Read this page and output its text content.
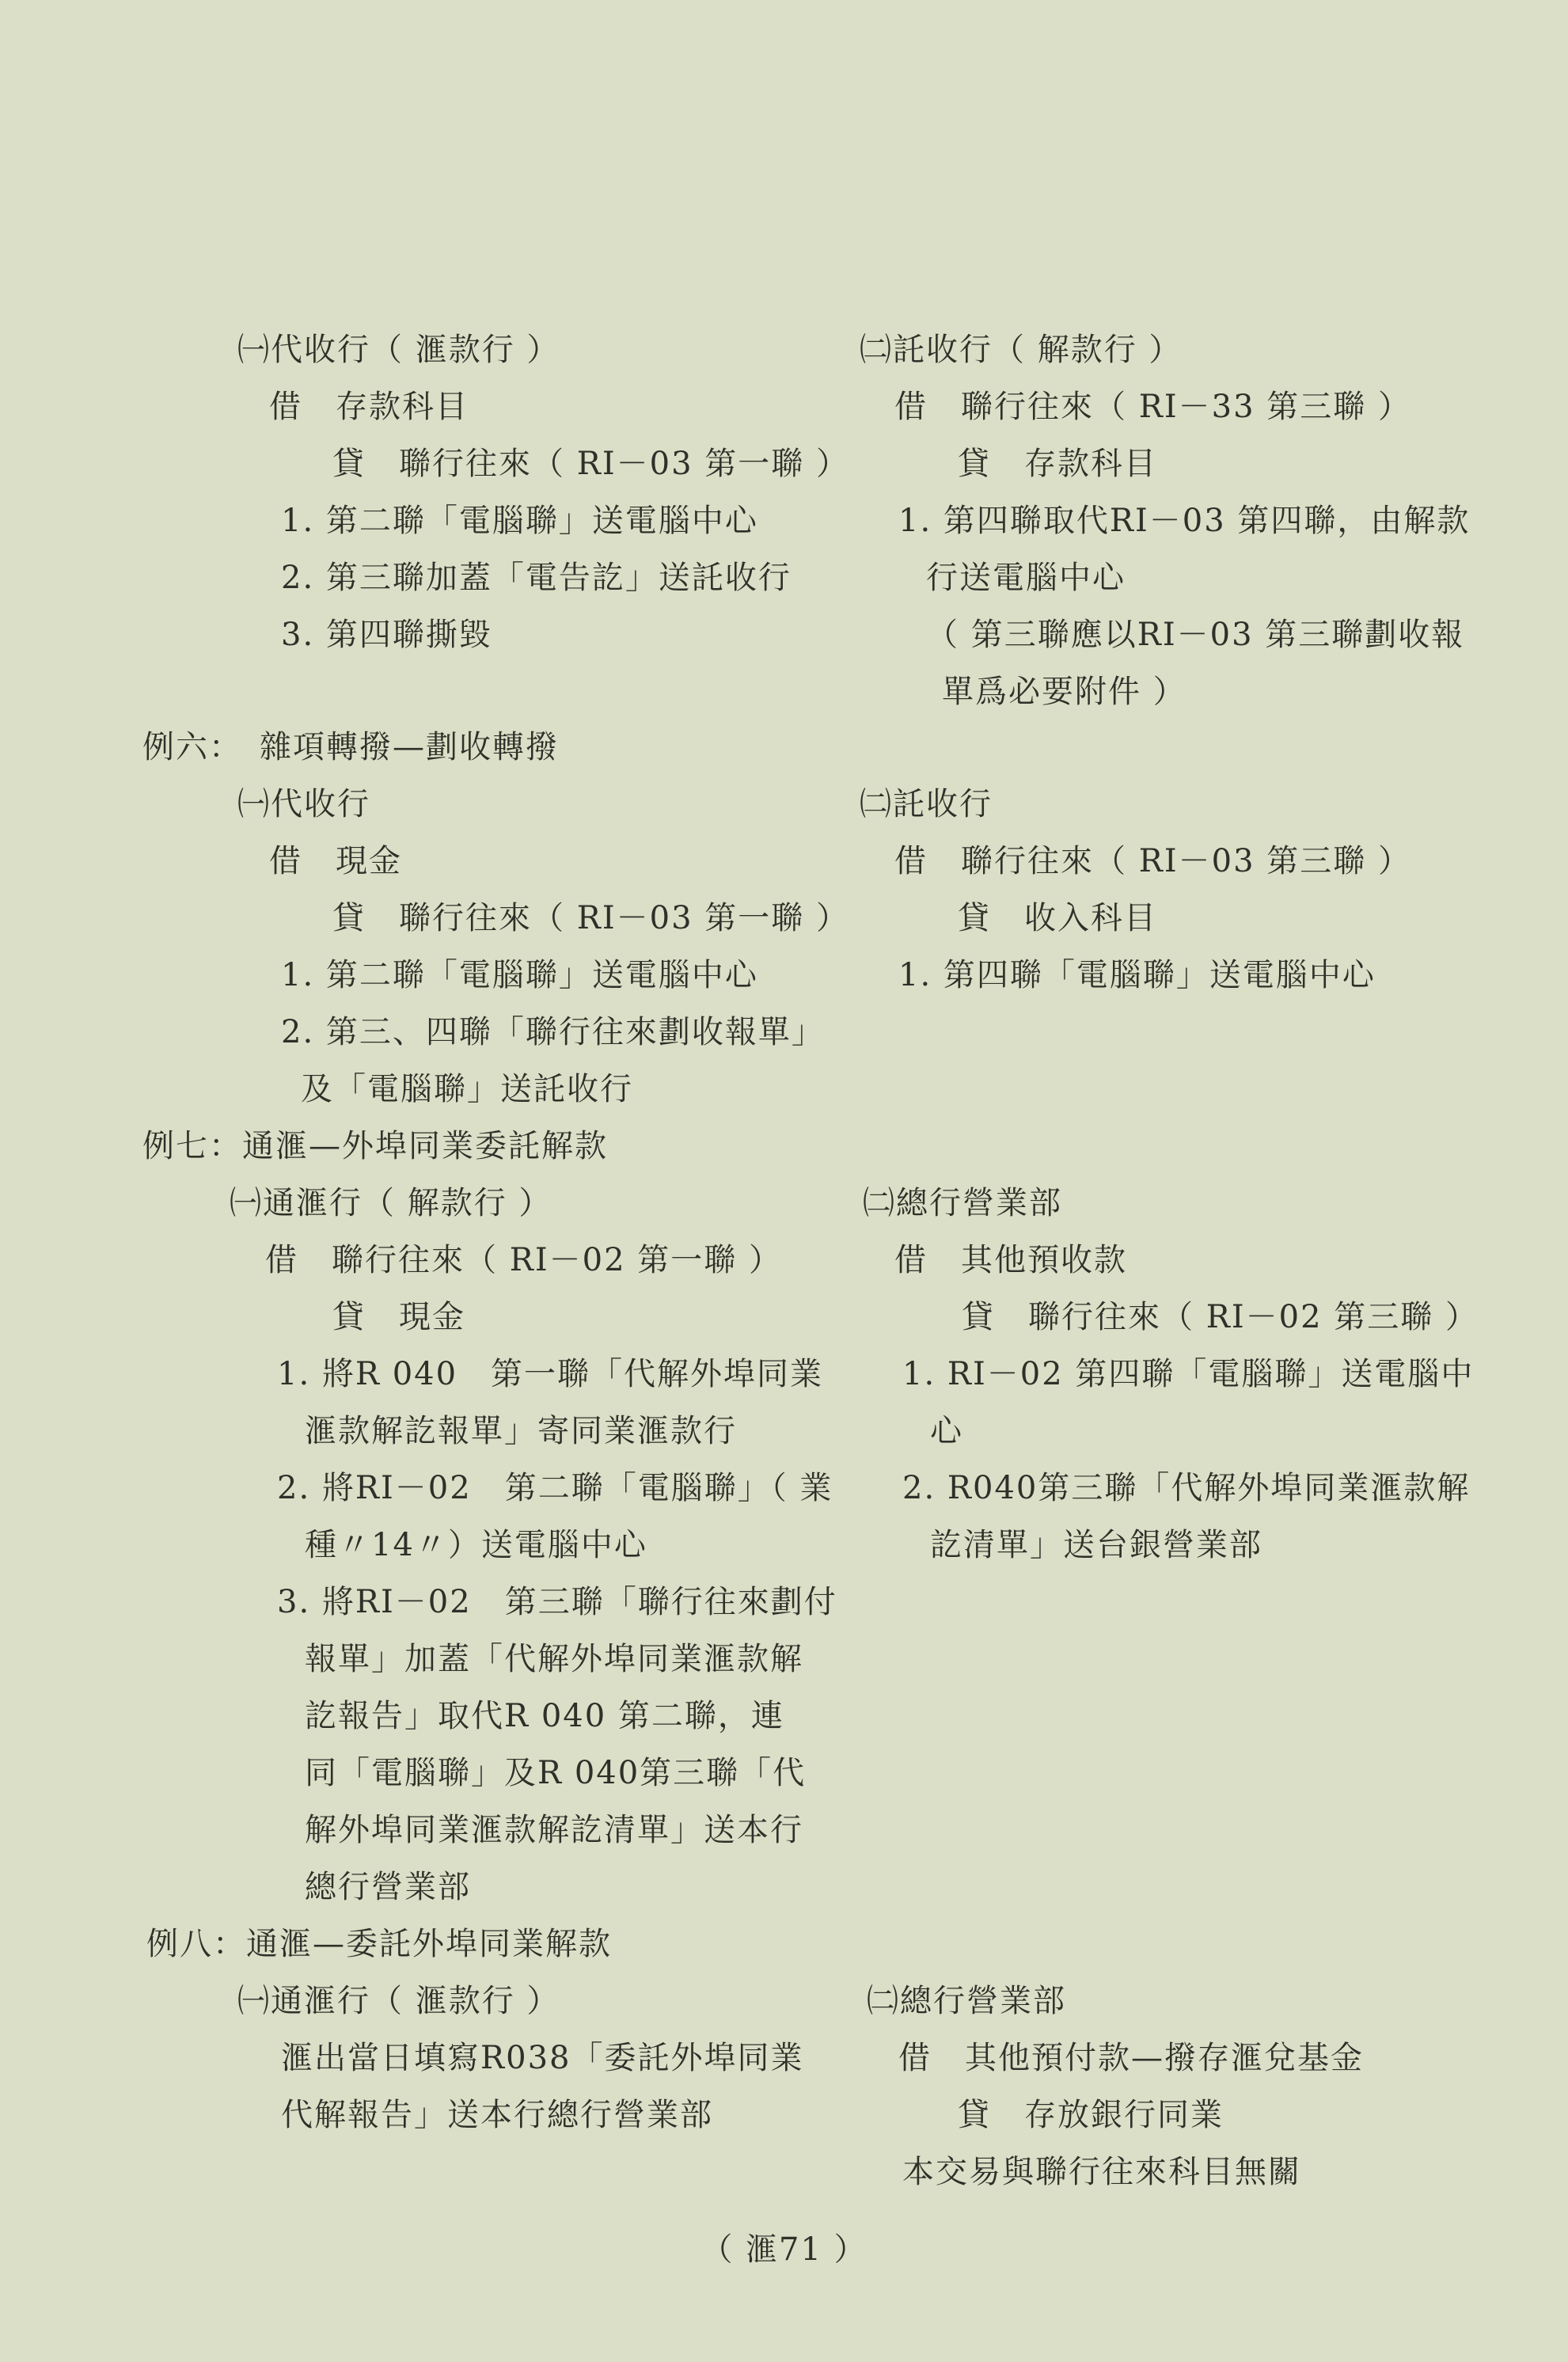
㈠代收行（ 滙款行 ）
借　存款科目
貸　聯行往來（ RI－03 第一聯 ）
1. 第二聯「電腦聯」送電腦中心
2. 第三聯加蓋「電告訖」送託收行
3. 第四聯撕毀
例六：　雜項轉撥—劃收轉撥
㈠代收行
借　現金
貸　聯行往來（ RI－03 第一聯 ）
1. 第二聯「電腦聯」送電腦中心
2. 第三、四聯「聯行往來劃收報單」
及「電腦聯」送託收行
例七：通滙—外埠同業委託解款
㈠通滙行（ 解款行 ）
借　聯行往來（ RI－02 第一聯 ）
貸　現金
1. 將R 040　第一聯「代解外埠同業
滙款解訖報單」寄同業滙款行
2. 將RI－02　第二聯「電腦聯」（ 業
種〃14〃）送電腦中心
3. 將RI－02　第三聯「聯行往來劃付
報單」加蓋「代解外埠同業滙款解
訖報告」取代R 040 第二聯，連
同「電腦聯」及R 040第三聯「代
解外埠同業滙款解訖清單」送本行
總行營業部
例八：通滙—委託外埠同業解款
㈠通滙行（ 滙款行 ）
滙出當日填寫R038「委託外埠同業
代解報告」送本行總行營業部
㈡託收行（ 解款行 ）
借　聯行往來（ RI－33 第三聯 ）
貸　存款科目
1. 第四聯取代RI－03 第四聯，由解款
行送電腦中心
（ 第三聯應以RI－03 第三聯劃收報
單爲必要附件 ）
㈡託收行
借　聯行往來（ RI－03 第三聯 ）
貸　收入科目
1. 第四聯「電腦聯」送電腦中心
㈡總行營業部
借　其他預收款
貸　聯行往來（ RI－02 第三聯 ）
1. RI－02 第四聯「電腦聯」送電腦中
心
2. R040第三聯「代解外埠同業滙款解
訖清單」送台銀營業部
㈡總行營業部
借　其他預付款—撥存滙兌基金
貸　存放銀行同業
本交易與聯行往來科目無關
（ 滙71 ）
